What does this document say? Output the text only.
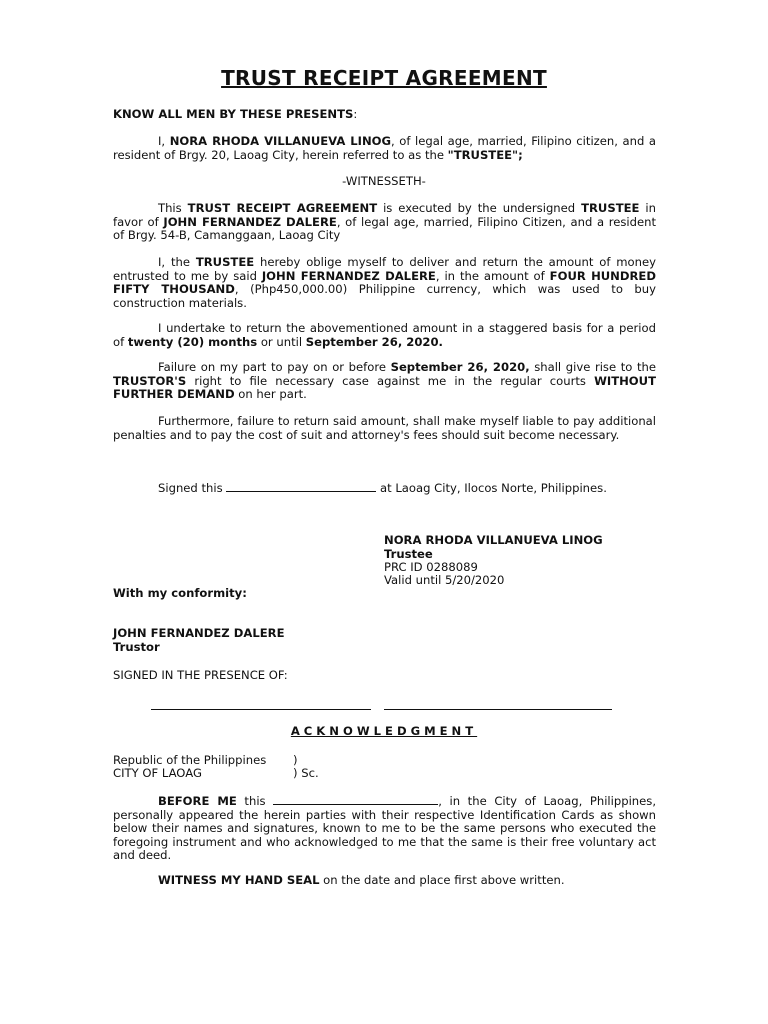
TRUST RECEIPT AGREEMENT
KNOW ALL MEN BY THESE PRESENTS:
I, NORA RHODA VILLANUEVA LINOG, of legal age, married, Filipino citizen, and a resident of Brgy. 20, Laoag City, herein referred to as the "TRUSTEE";
-WITNESSETH-
This TRUST RECEIPT AGREEMENT is executed by the undersigned TRUSTEE in favor of JOHN FERNANDEZ DALERE, of legal age, married, Filipino Citizen, and a resident of Brgy. 54-B, Camanggaan, Laoag City
I, the TRUSTEE hereby oblige myself to deliver and return the amount of money entrusted to me by said JOHN FERNANDEZ DALERE, in the amount of FOUR HUNDRED FIFTY THOUSAND, (Php450,000.00) Philippine currency, which was used to buy construction materials.
I undertake to return the abovementioned amount in a staggered basis for a period of twenty (20) months or until September 26, 2020.
Failure on my part to pay on or before September 26, 2020, shall give rise to the TRUSTOR'S right to file necessary case against me in the regular courts WITHOUT FURTHER DEMAND on her part.
Furthermore, failure to return said amount, shall make myself liable to pay additional penalties and to pay the cost of suit and attorney's fees should suit become necessary.
Signed this	at Laoag City, Ilocos Norte, Philippines.
NORA RHODA VILLANUEVA LINOG
Trustee
PRC ID 0288089
Valid until 5/20/2020
With my conformity:
JOHN FERNANDEZ DALERE
Trustor
SIGNED IN THE PRESENCE OF:
ACKNOWLEDGMENT
Republic of the Philippines )
CITY OF LAOAG	) Sc.
BEFORE ME this	, in the City of Laoag, Philippines, personally appeared the herein parties with their respective Identification Cards as shown below their names and signatures, known to me to be the same persons who executed the foregoing instrument and who acknowledged to me that the same is their free voluntary act and deed.
WITNESS MY HAND SEAL on the date and place first above written.
